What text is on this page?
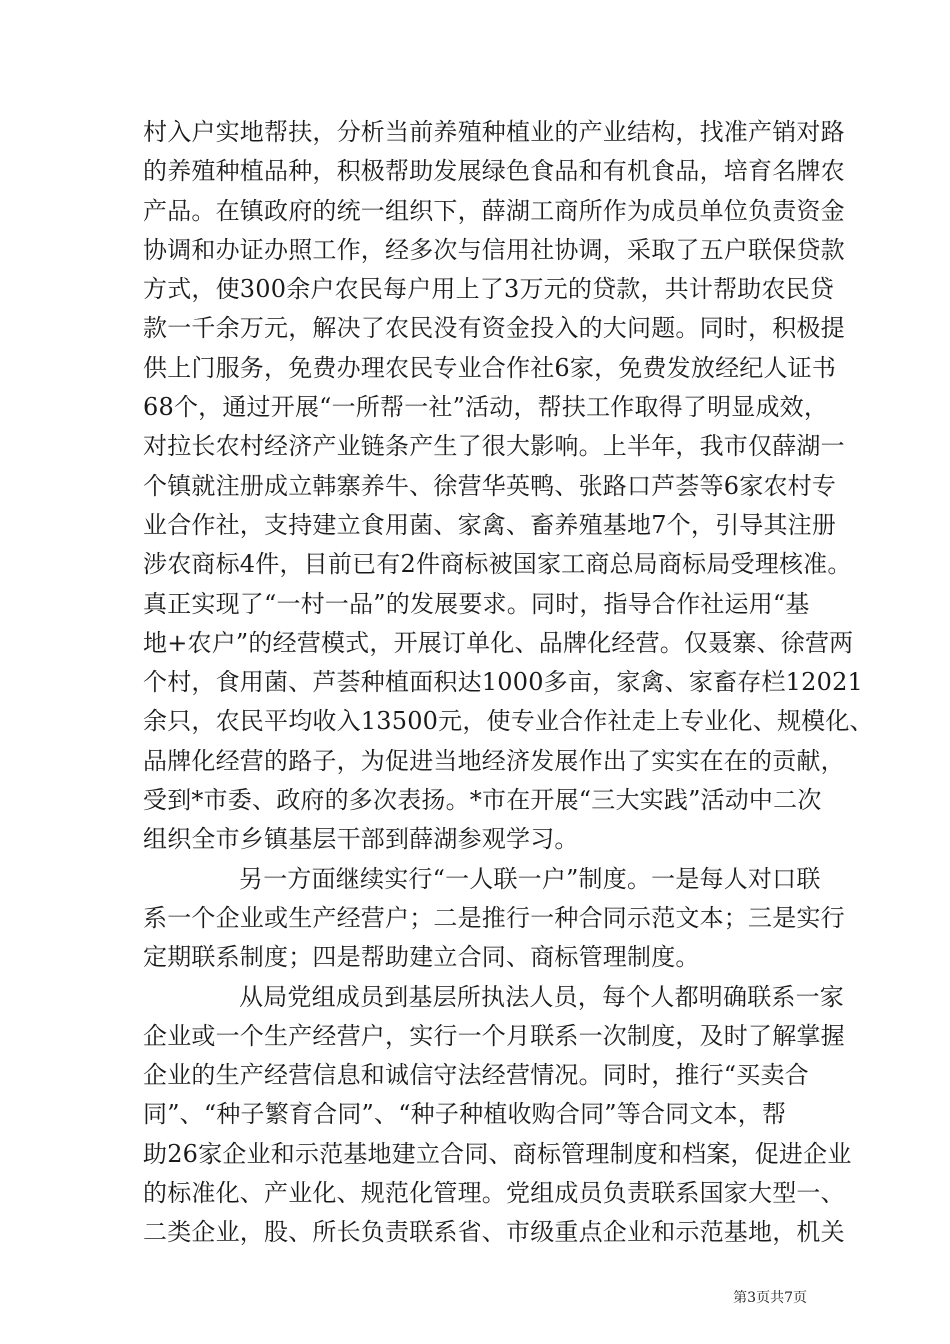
村入户实地帮扶，分析当前养殖种植业的产业结构，找准产销对路
的养殖种植品种，积极帮助发展绿色食品和有机食品，培育名牌农
产品。在镇政府的统一组织下，薛湖工商所作为成员单位负责资金
协调和办证办照工作，经多次与信用社协调，采取了五户联保贷款
方式，使300余户农民每户用上了3万元的贷款，共计帮助农民贷
款一千余万元，解决了农民没有资金投入的大问题。同时，积极提
供上门服务，免费办理农民专业合作社6家，免费发放经纪人证书
68个，通过开展“一所帮一社”活动，帮扶工作取得了明显成效，
对拉长农村经济产业链条产生了很大影响。上半年，我市仅薛湖一
个镇就注册成立韩寨养牛、徐营华英鸭、张路口芦荟等6家农村专
业合作社，支持建立食用菌、家禽、畜养殖基地7个，引导其注册
涉农商标4件，目前已有2件商标被国家工商总局商标局受理核准。
真正实现了“一村一品”的发展要求。同时，指导合作社运用“基
地+农户”的经营模式，开展订单化、品牌化经营。仅聂寨、徐营两
个村，食用菌、芦荟种植面积达1000多亩，家禽、家畜存栏12021
余只，农民平均收入13500元，使专业合作社走上专业化、规模化、
品牌化经营的路子，为促进当地经济发展作出了实实在在的贡献，
受到*市委、政府的多次表扬。*市在开展“三大实践”活动中二次
组织全市乡镇基层干部到薛湖参观学习。
另一方面继续实行“一人联一户”制度。一是每人对口联
系一个企业或生产经营户；二是推行一种合同示范文本；三是实行
定期联系制度；四是帮助建立合同、商标管理制度。
从局党组成员到基层所执法人员，每个人都明确联系一家
企业或一个生产经营户，实行一个月联系一次制度，及时了解掌握
企业的生产经营信息和诚信守法经营情况。同时，推行“买卖合
同”、“种子繁育合同”、“种子种植收购合同”等合同文本，帮
助26家企业和示范基地建立合同、商标管理制度和档案，促进企业
的标准化、产业化、规范化管理。党组成员负责联系国家大型一、
二类企业，股、所长负责联系省、市级重点企业和示范基地，机关
第3页共7页
